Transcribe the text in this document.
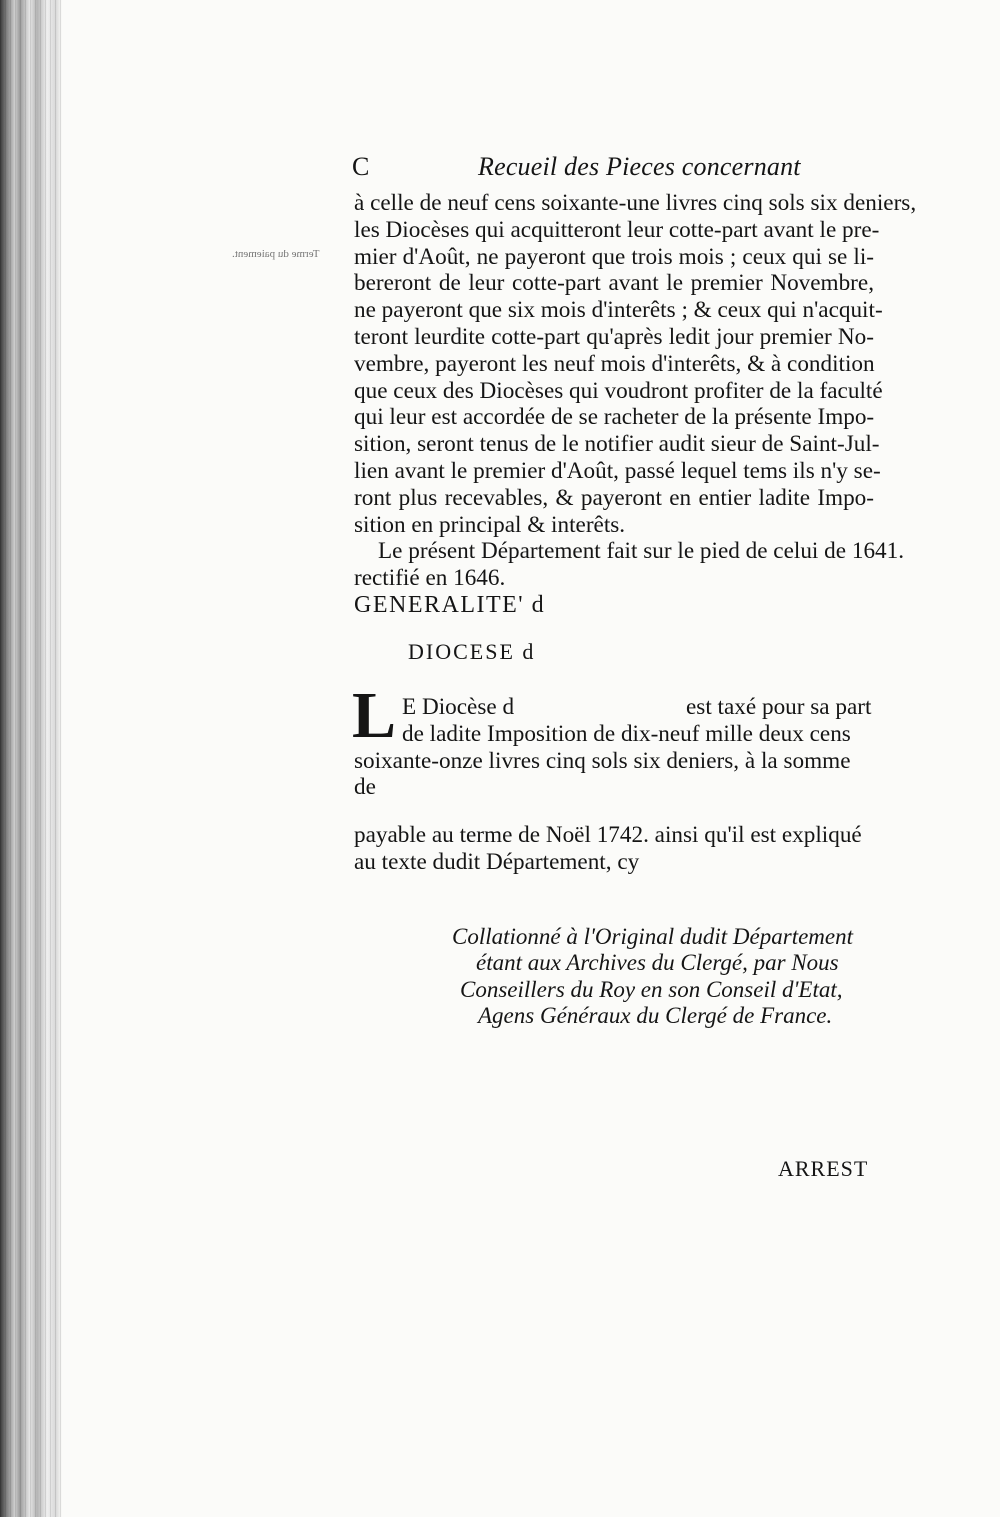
C	Recueil des Pieces concernant
Terme du paiement.
à celle de neuf cens soixante-une livres cinq sols six deniers,
les Diocèses qui acquitteront leur cotte-part avant le pre-
mier d'Août, ne payeront que trois mois ; ceux qui se li-
bereront de leur cotte-part avant le premier Novembre,
ne payeront que six mois d'interêts ; & ceux qui n'acquit-
teront leurdite cotte-part qu'après ledit jour premier No-
vembre, payeront les neuf mois d'interêts, & à condition
que ceux des Diocèses qui voudront profiter de la faculté
qui leur est accordée de se racheter de la présente Impo-
sition, seront tenus de le notifier audit sieur de Saint-Jul-
lien avant le premier d'Août, passé lequel tems ils n'y se-
ront plus recevables, & payeront en entier ladite Impo-
sition en principal & interêts.
Le présent Département fait sur le pied de celui de 1641.
rectifié en 1646.
GENERALITE' d
DIOCESE d
L E Diocèse d	est taxé pour sa part
de ladite Imposition de dix-neuf mille deux cens
soixante-onze livres cinq sols six deniers, à la somme
de
payable au terme de Noël 1742. ainsi qu'il est expliqué
au texte dudit Département, cy
Collationné à l'Original dudit Département
étant aux Archives du Clergé, par Nous
Conseillers du Roy en son Conseil d'Etat,
Agens Généraux du Clergé de France.
ARREST
